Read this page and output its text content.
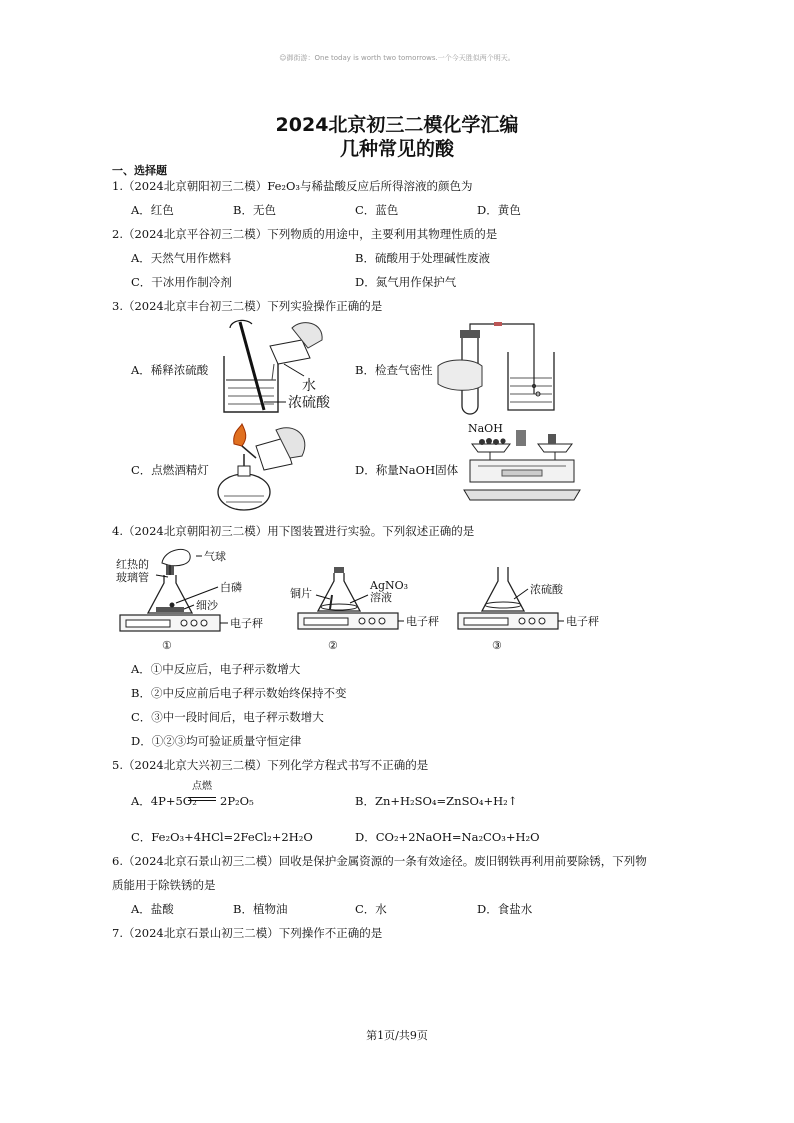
☺御街游：One today is worth two tomorrows.一个今天胜似两个明天。
2024北京初三二模化学汇编
几种常见的酸
一、选择题
1.（2024北京朝阳初三二模）Fe₂O₃与稀盐酸反应后所得溶液的颜色为
A．红色	B．无色	C．蓝色	D．黄色
2.（2024北京平谷初三二模）下列物质的用途中，主要利用其物理性质的是
A．天然气用作燃料	B．硫酸用于处理碱性废液
C．干冰用作制冷剂	D．氮气用作保护气
3.（2024北京丰台初三二模）下列实验操作正确的是
A．稀释浓硫酸	B．检查气密性
C．点燃酒精灯	D．称量NaOH固体
水
浓硫酸
NaOH
4.（2024北京朝阳初三二模）用下图装置进行实验。下列叙述正确的是
红热的
玻璃管
气球
白磷
细沙
电子秤
①
铜片
AgNO₃
溶液
电子秤
②
浓硫酸
电子秤
③
A．①中反应后，电子秤示数增大
B．②中反应前后电子秤示数始终保持不变
C．③中一段时间后，电子秤示数增大
D．①②③均可验证质量守恒定律
5.（2024北京大兴初三二模）下列化学方程式书写不正确的是
A．4P+5O₂
点燃
2P₂O₅	B．Zn+H₂SO₄=ZnSO₄+H₂↑
C．Fe₂O₃+4HCl=2FeCl₂+2H₂O	D．CO₂+2NaOH=Na₂CO₃+H₂O
6.（2024北京石景山初三二模）回收是保护金属资源的一条有效途径。废旧钢铁再利用前要除锈，下列物
质能用于除铁锈的是
A．盐酸	B．植物油	C．水	D．食盐水
7.（2024北京石景山初三二模）下列操作不正确的是
第1页/共9页
